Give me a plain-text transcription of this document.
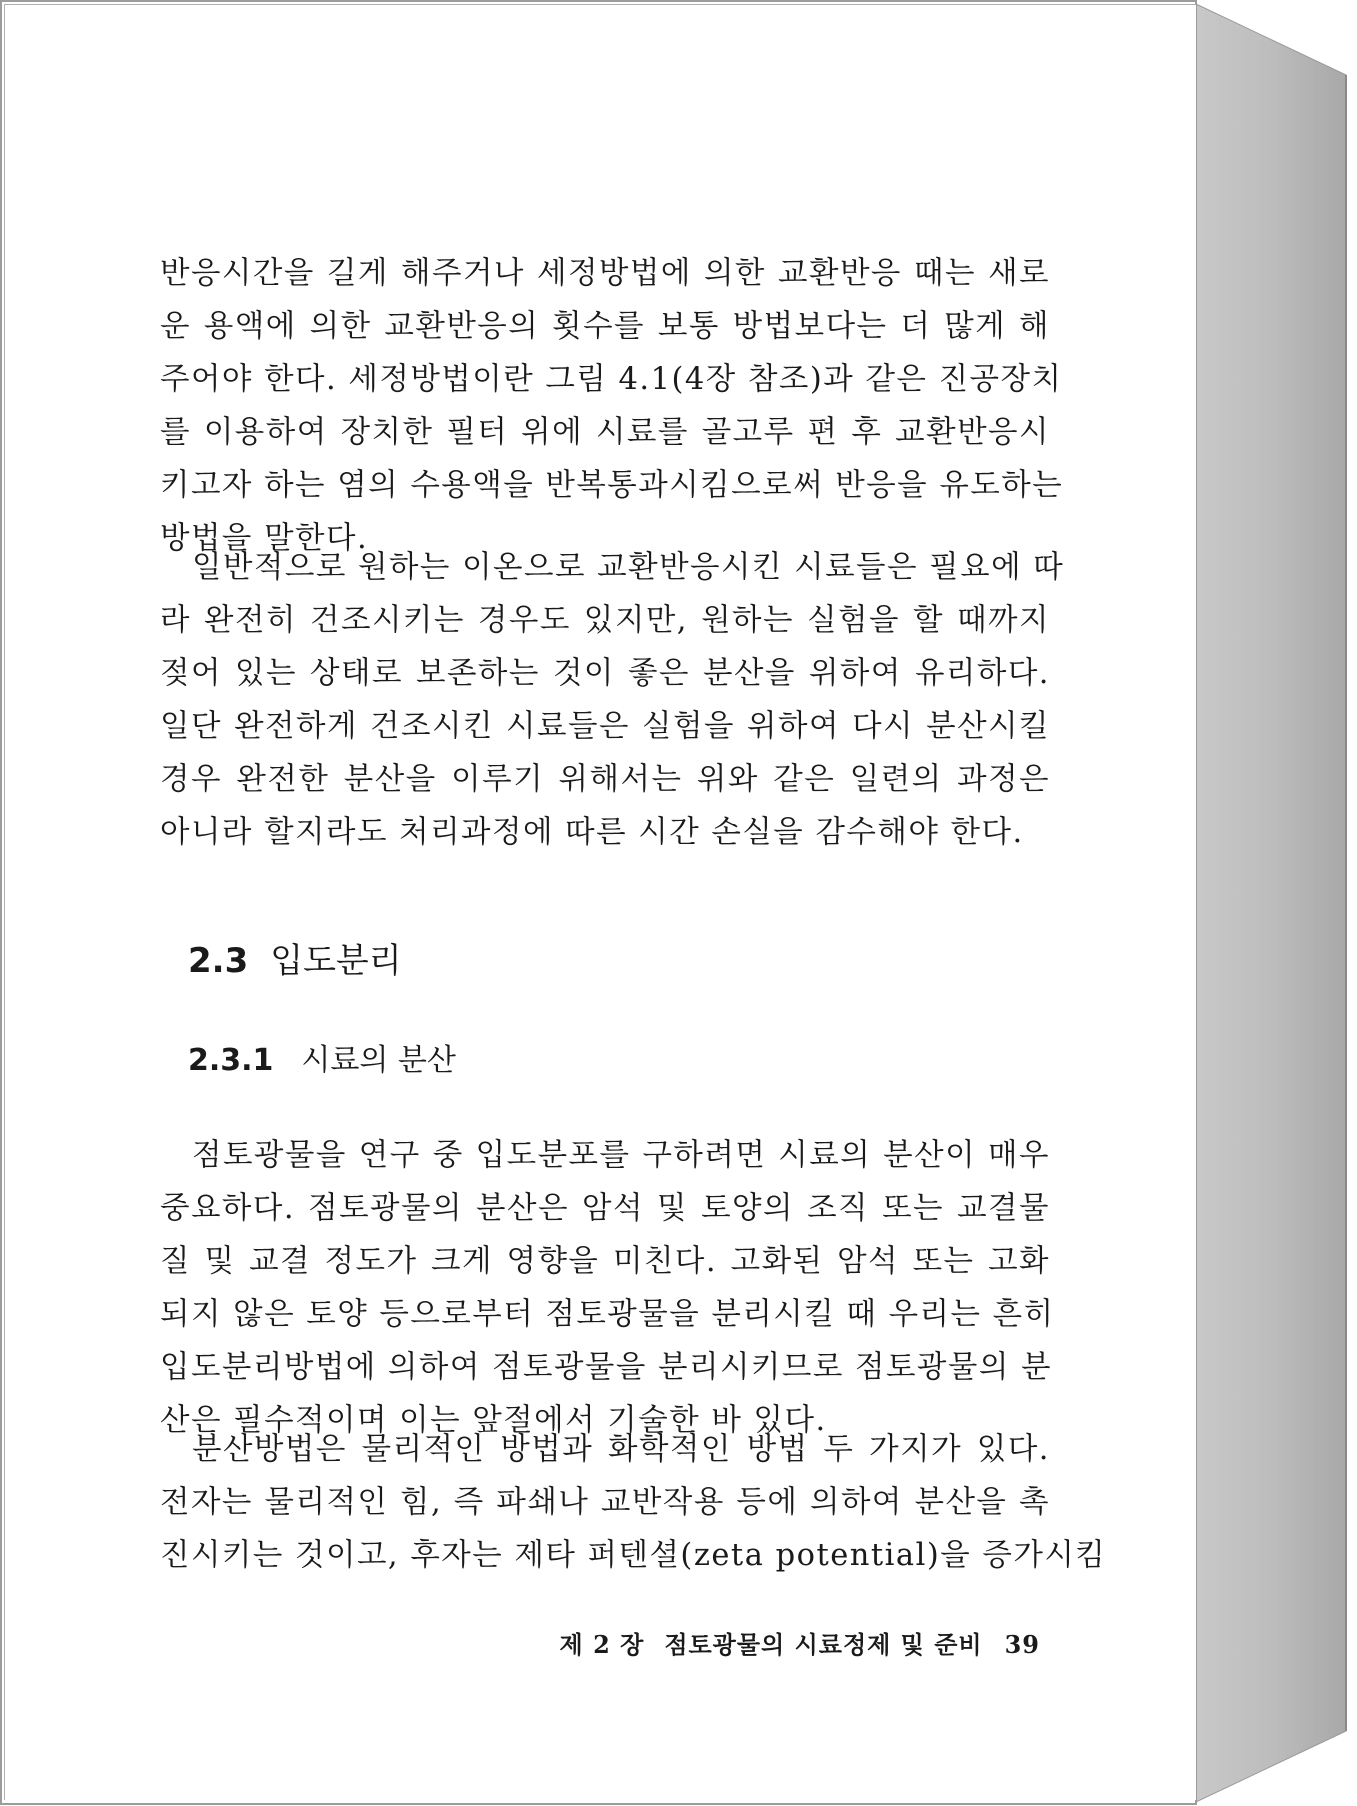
반응시간을 길게 해주거나 세정방법에 의한 교환반응 때는 새로
운 용액에 의한 교환반응의 횟수를 보통 방법보다는 더 많게 해
주어야 한다. 세정방법이란 그림 4.1(4장 참조)과 같은 진공장치
를 이용하여 장치한 필터 위에 시료를 골고루 편 후 교환반응시
키고자 하는 염의 수용액을 반복통과시킴으로써 반응을 유도하는
방법을 말한다.
일반적으로 원하는 이온으로 교환반응시킨 시료들은 필요에 따
라 완전히 건조시키는 경우도 있지만, 원하는 실험을 할 때까지
젖어 있는 상태로 보존하는 것이 좋은 분산을 위하여 유리하다.
일단 완전하게 건조시킨 시료들은 실험을 위하여 다시 분산시킬
경우 완전한 분산을 이루기 위해서는 위와 같은 일련의 과정은
아니라 할지라도 처리과정에 따른 시간 손실을 감수해야 한다.
2.3 입도분리
2.3.1 시료의 분산
점토광물을 연구 중 입도분포를 구하려면 시료의 분산이 매우
중요하다. 점토광물의 분산은 암석 및 토양의 조직 또는 교결물
질 및 교결 정도가 크게 영향을 미친다. 고화된 암석 또는 고화
되지 않은 토양 등으로부터 점토광물을 분리시킬 때 우리는 흔히
입도분리방법에 의하여 점토광물을 분리시키므로 점토광물의 분
산은 필수적이며 이는 앞절에서 기술한 바 있다.
분산방법은 물리적인 방법과 화학적인 방법 두 가지가 있다.
전자는 물리적인 힘, 즉 파쇄나 교반작용 등에 의하여 분산을 촉
진시키는 것이고, 후자는 제타 퍼텐셜(zeta potential)을 증가시킴
제 2 장 점토광물의 시료정제 및 준비 39
